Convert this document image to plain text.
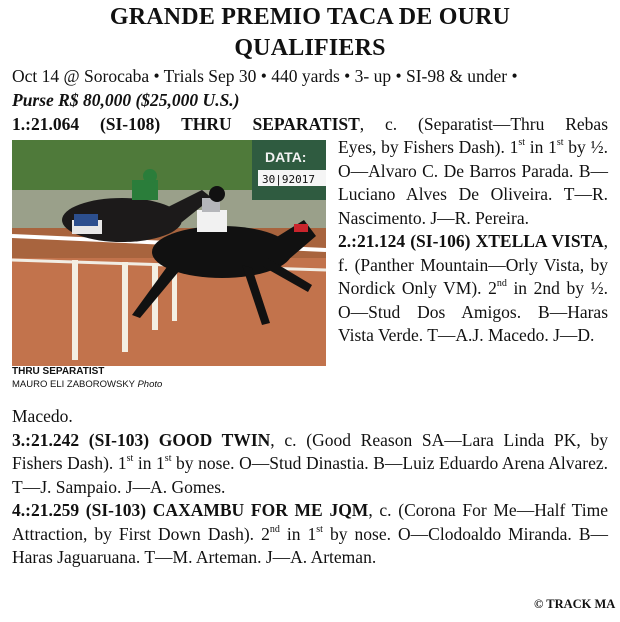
GRANDE PREMIO TACA DE OURU
QUALIFIERS
Oct 14 @ Sorocaba • Trials Sep 30 • 440 yards • 3- up • SI-98 & under •
Purse R$ 80,000 ($25,000 U.S.)
1.:21.064 (SI-108) THRU SEPARATIST, c. (Separatist—Thru Rebas
DATA:
30|92017
THRU SEPARATIST
MAURO ELI ZABOROWSKY Photo
Eyes, by Fishers Dash). 1st in 1st by ½. O—Alvaro C. De Barros Parada. B—Luciano Alves De Oliveira. T—R. Nascimento. J—R. Pereira.
2.:21.124 (SI-106) XTELLA VISTA, f. (Panther Mountain—Orly Vista, by Nordick Only VM). 2nd in 2nd by ½. O—Stud Dos Amigos. B—Haras Vista Verde. T—A.J. Macedo. J—D.
Macedo.
3.:21.242 (SI-103) GOOD TWIN, c. (Good Reason SA—Lara Linda PK, by Fishers Dash). 1st in 1st by nose. O—Stud Dinastia. B—Luiz Eduardo Arena Alvarez. T—J. Sampaio. J—A. Gomes.
4.:21.259 (SI-103) CAXAMBU FOR ME JQM, c. (Corona For Me—Half Time Attraction, by First Down Dash). 2nd in 1st by nose. O—Clodoaldo Miranda. B—Haras Jaguaruana. T—M. Arteman. J—A. Arteman.
© TRACK MA
